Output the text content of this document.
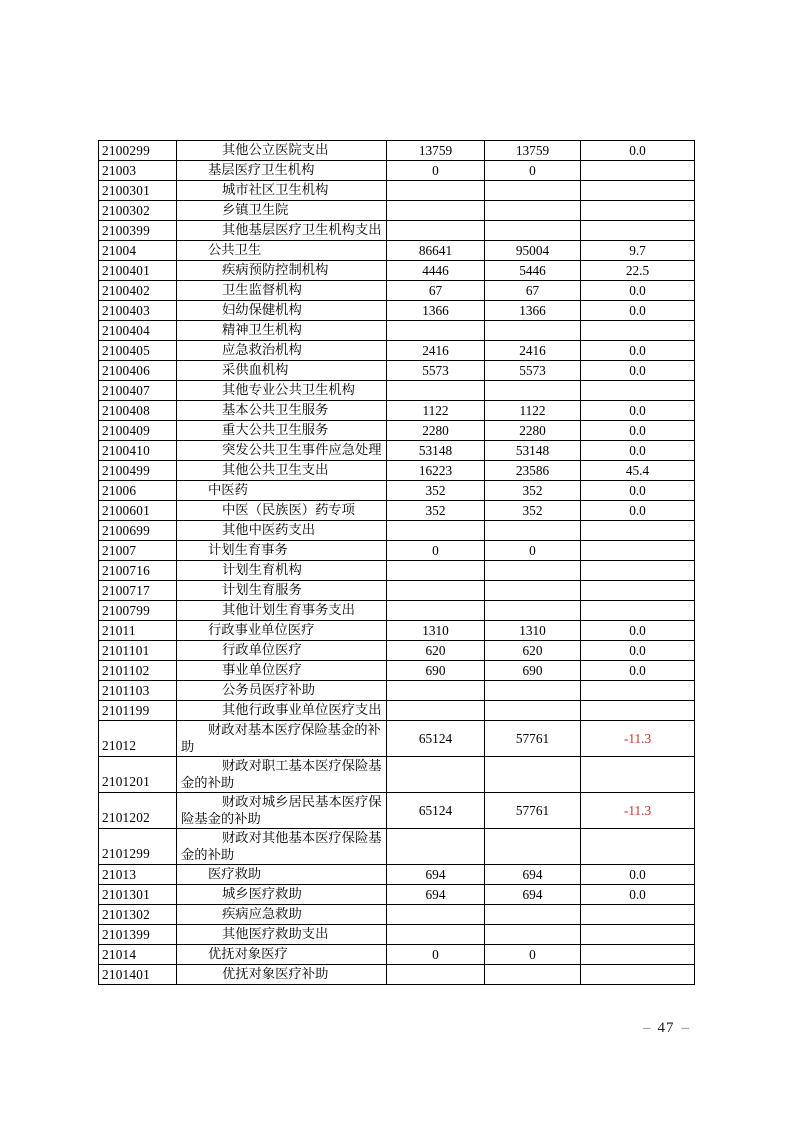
2100299	其他公立医院支出	13759	13759	0.0
21003	基层医疗卫生机构	0	0	
2100301	城市社区卫生机构			
2100302	乡镇卫生院			
2100399	其他基层医疗卫生机构支出			
21004	公共卫生	86641	95004	9.7
2100401	疾病预防控制机构	4446	5446	22.5
2100402	卫生监督机构	67	67	0.0
2100403	妇幼保健机构	1366	1366	0.0
2100404	精神卫生机构			
2100405	应急救治机构	2416	2416	0.0
2100406	采供血机构	5573	5573	0.0
2100407	其他专业公共卫生机构			
2100408	基本公共卫生服务	1122	1122	0.0
2100409	重大公共卫生服务	2280	2280	0.0
2100410	突发公共卫生事件应急处理	53148	53148	0.0
2100499	其他公共卫生支出	16223	23586	45.4
21006	中医药	352	352	0.0
2100601	中医（民族医）药专项	352	352	0.0
2100699	其他中医药支出			
21007	计划生育事务	0	0	
2100716	计划生育机构			
2100717	计划生育服务			
2100799	其他计划生育事务支出			
21011	行政事业单位医疗	1310	1310	0.0
2101101	行政单位医疗	620	620	0.0
2101102	事业单位医疗	690	690	0.0
2101103	公务员医疗补助			
2101199	其他行政事业单位医疗支出			
21012	财政对基本医疗保险基金的补助	65124	57761	-11.3
2101201	财政对职工基本医疗保险基金的补助			
2101202	财政对城乡居民基本医疗保险基金的补助	65124	57761	-11.3
2101299	财政对其他基本医疗保险基金的补助			
21013	医疗救助	694	694	0.0
2101301	城乡医疗救助	694	694	0.0
2101302	疾病应急救助			
2101399	其他医疗救助支出			
21014	优抚对象医疗	0	0	
2101401	优抚对象医疗补助			
– 47 –
